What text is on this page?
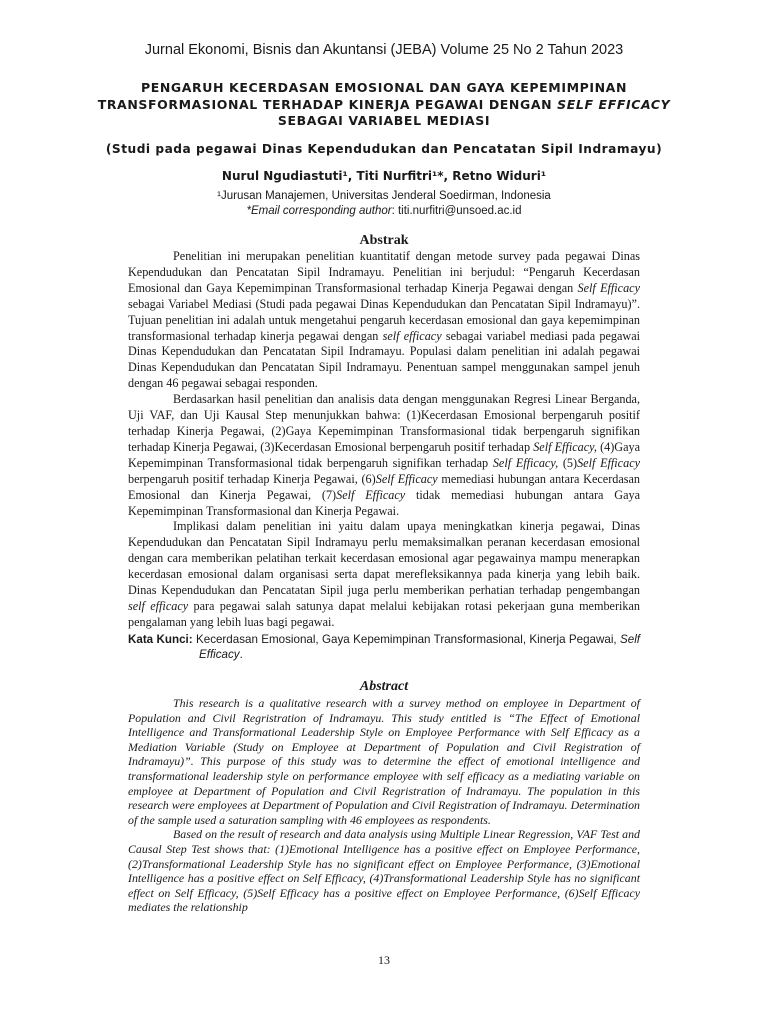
Jurnal Ekonomi, Bisnis dan Akuntansi (JEBA) Volume 25 No 2 Tahun 2023
PENGARUH KECERDASAN EMOSIONAL DAN GAYA KEPEMIMPINAN
TRANSFORMASIONAL TERHADAP KINERJA PEGAWAI DENGAN SELF EFFICACY
SEBAGAI VARIABEL MEDIASI
(Studi pada pegawai Dinas Kependudukan dan Pencatatan Sipil Indramayu)
Nurul Ngudiastuti¹, Titi Nurfitri¹*, Retno Widuri¹
¹Jurusan Manajemen, Universitas Jenderal Soedirman, Indonesia
*Email corresponding author: titi.nurfitri@unsoed.ac.id
Abstrak

Penelitian ini merupakan penelitian kuantitatif dengan metode survey pada pegawai Dinas Kependudukan dan Pencatatan Sipil Indramayu. Penelitian ini berjudul: “Pengaruh Kecerdasan Emosional dan Gaya Kepemimpinan Transformasional terhadap Kinerja Pegawai dengan Self Efficacy sebagai Variabel Mediasi (Studi pada pegawai Dinas Kependudukan dan Pencatatan Sipil Indramayu)”. Tujuan penelitian ini adalah untuk mengetahui pengaruh kecerdasan emosional dan gaya kepemimpinan transformasional terhadap kinerja pegawai dengan self efficacy sebagai variabel mediasi pada pegawai Dinas Kependudukan dan Pencatatan Sipil Indramayu. Populasi dalam penelitian ini adalah pegawai Dinas Kependudukan dan Pencatatan Sipil Indramayu. Penentuan sampel menggunakan sampel jenuh dengan 46 pegawai sebagai responden.

Berdasarkan hasil penelitian dan analisis data dengan menggunakan Regresi Linear Berganda, Uji VAF, dan Uji Kausal Step menunjukkan bahwa: (1)Kecerdasan Emosional berpengaruh positif terhadap Kinerja Pegawai, (2)Gaya Kepemimpinan Transformasional tidak berpengaruh signifikan terhadap Kinerja Pegawai, (3)Kecerdasan Emosional berpengaruh positif terhadap Self Efficacy, (4)Gaya Kepemimpinan Transformasional tidak berpengaruh signifikan terhadap Self Efficacy, (5)Self Efficacy berpengaruh positif terhadap Kinerja Pegawai, (6)Self Efficacy memediasi hubungan antara Kecerdasan Emosional dan Kinerja Pegawai, (7)Self Efficacy tidak memediasi hubungan antara Gaya Kepemimpinan Transformasional dan Kinerja Pegawai.

Implikasi dalam penelitian ini yaitu dalam upaya meningkatkan kinerja pegawai, Dinas Kependudukan dan Pencatatan Sipil Indramayu perlu memaksimalkan peranan kecerdasan emosional dengan cara memberikan pelatihan terkait kecerdasan emosional agar pegawainya mampu menerapkan kecerdasan emosional dalam organisasi serta dapat merefleksikannya pada kinerja yang lebih baik. Dinas Kependudukan dan Pencatatan Sipil juga perlu memberikan perhatian terhadap pengembangan self efficacy para pegawai salah satunya dapat melalui kebijakan rotasi pekerjaan guna memberikan pengalaman yang lebih luas bagi pegawai.

Kata Kunci: Kecerdasan Emosional, Gaya Kepemimpinan Transformasional, Kinerja Pegawai, Self Efficacy.
Abstract

This research is a qualitative research with a survey method on employee in Department of Population and Civil Regristration of Indramayu. This study entitled is “The Effect of Emotional Intelligence and Transformational Leadership Style on Employee Performance with Self Efficacy as a Mediation Variable (Study on Employee at Department of Population and Civil Registration of Indramayu)”. This purpose of this study was to determine the effect of emotional intelligence and transformational leadership style on performance employee with self efficacy as a mediating variable on employee at Department of Population and Civil Regristration of Indramayu. The population in this research were employees at Department of Population and Civil Registration of Indramayu. Determination of the sample used a saturation sampling with 46 employees as respondents.

Based on the result of research and data analysis using Multiple Linear Regression, VAF Test and Causal Step Test shows that: (1)Emotional Intelligence has a positive effect on Employee Performance, (2)Transformational Leadership Style has no significant effect on Employee Performance, (3)Emotional Intelligence has a positive effect on Self Efficacy, (4)Transformational Leadership Style has no significant effect on Self Efficacy, (5)Self Efficacy has a positive effect on Employee Performance, (6)Self Efficacy mediates the relationship

13
